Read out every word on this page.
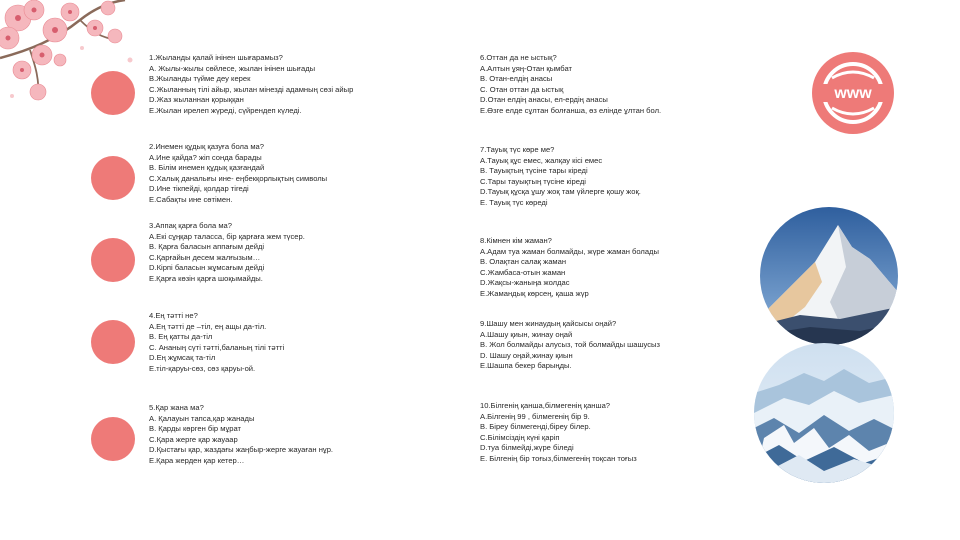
1.Жыланды қалай інінен шығарамыз?
А. Жылы-жылы сөйлесе, жылан інінен шығады
В.Жыланды түйме деу керек
С.Жыланның тілі айыр, жылан мінезді адамның сөзі айыр
D.Жаз жыланнан қорыққан
Е.Жылан ирелеп жүреді, сүйрендеп күледі.
2.Инемен құдық қазуға бола ма?
А.Ине қайда? жіп сонда барады
В. Білім инемен құдық қазғандай
С.Халық даналығы ине- еңбекқорлықтың символы
D.Ине тікпейді, қолдар тігеді
Е.Сабақты ине сөтімен.
3.Аппақ қарға бола ма?
А.Екі сұңқар таласса, бір қарғаға жем түсер.
В. Қарға баласын аппағым дейді
С.Қарғайын десем жалғызым…
D.Кірпі баласын жұмсағым дейді
Е.Қарға көзін қарға шоқымайды.
4.Ең тәтті не?
А.Ең тәтті де –тіл, ең ащы да-тіл.
В. Ең қатты да-тіл
С. Ананың сүті тәтті,баланың тілі тәтті
D.Ең жұмсақ та-тіл
Е.тіл-қаруы-сөз, сөз қаруы-ой.
5.Қар жана ма?
А. Қалауын тапса,қар жанады
В. Қарды көрген бір мұрат
С.Қара жерге қар жауаар
D.Қыстағы қар, жаздағы жаңбыр-жерге жауаған нұр.
Е.Қара жерден қар кетер…
6.Оттан да не ыстық?
А.Алтын ұяң-Отан қымбат
В. Отан-елдің анасы
С. Отан оттан да ыстық
D.Отан елдің анасы, ел-ердің анасы
Е.Өзге елде сұлтан болғанша, өз елінде ұлтан бол.
7.Тауық түс көре ме?
А.Тауық құс емес, жалқау кісі емес
В. Тауықтың түсіне тары кіреді
С.Тары тауықтың түсіне кіреді
D.Тауық құсқа ұшу жоқ там үйлерге қошу жоқ.
Е. Тауық түс көреді
8.Кімнен кім жаман?
А.Адам туа жаман болмайды, жүре жаман болады
В. Олақтан салақ жаман
С.Жамбаса-отын жаман
D.Жақсы-жаныңа жолдас
Е.Жамандық көрсең, қаша жүр
9.Шашу мен жинаудың қайсысы оңай?
А.Шашу қиын, жинау оңай
В. Жол болмайды алусыз, той болмайды шашусыз
D. Шашу оңай,жинау қиын
Е.Шашпа бекер барыңды.
10.Білгенің қанша,білмегенің қанша?
А.Білгенің 99 , білмегенің бір 9.
В. Біреу білмегенді,біреу білер.
С.Білімсіздің күні қаріп
D.туа білмейді,жүре біледі
Е. Білгенің бір тоғыз,білмегенің тоқсан тоғыз
www
